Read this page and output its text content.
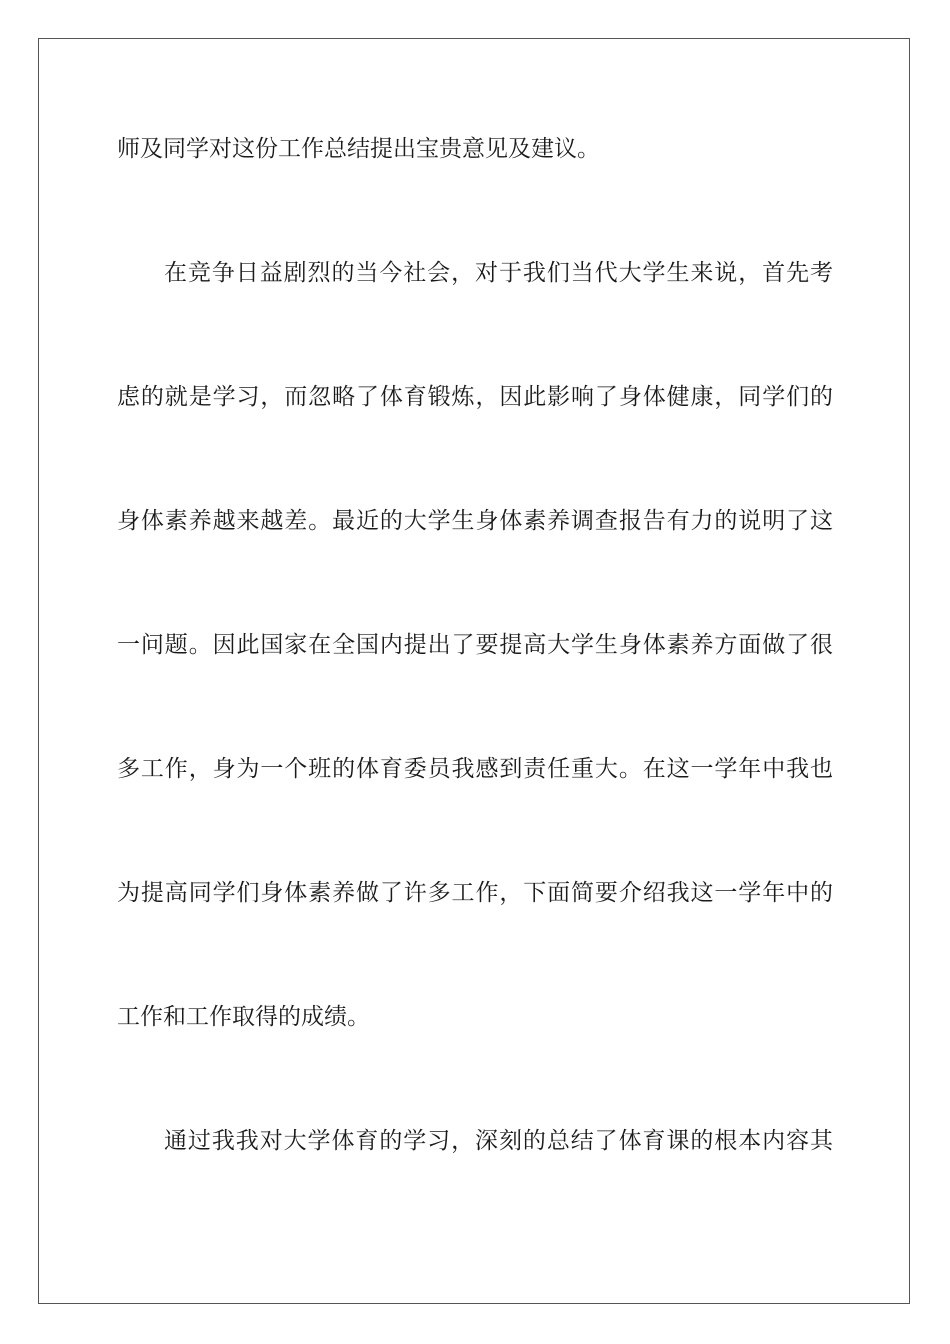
师及同学对这份工作总结提出宝贵意见及建议。
在竞争日益剧烈的当今社会，对于我们当代大学生来说，首先考
虑的就是学习，而忽略了体育锻炼，因此影响了身体健康，同学们的
身体素养越来越差。最近的大学生身体素养调查报告有力的说明了这
一问题。因此国家在全国内提出了要提高大学生身体素养方面做了很
多工作，身为一个班的体育委员我感到责任重大。在这一学年中我也
为提高同学们身体素养做了许多工作，下面简要介绍我这一学年中的
工作和工作取得的成绩。
通过我我对大学体育的学习，深刻的总结了体育课的根本内容其
